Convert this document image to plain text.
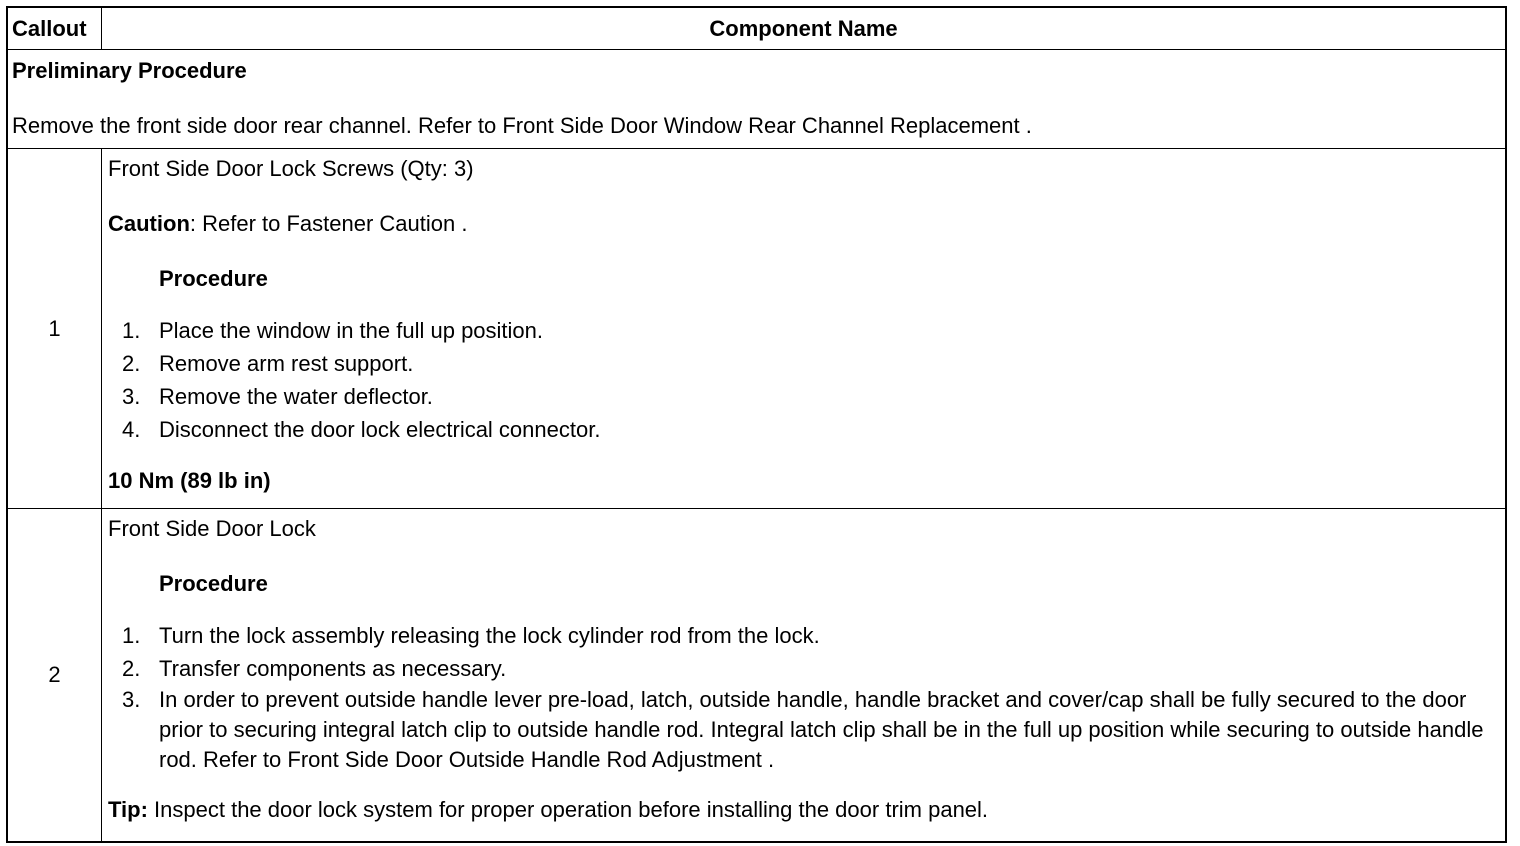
Callout	Component Name
Preliminary Procedure
Remove the front side door rear channel. Refer to Front Side Door Window Rear Channel Replacement .
1

Front Side Door Lock Screws (Qty: 3)

Caution: Refer to Fastener Caution .

Procedure

1. Place the window in the full up position.
2. Remove arm rest support.
3. Remove the water deflector.
4. Disconnect the door lock electrical connector.

10 Nm (89 lb in)

2

Front Side Door Lock

Procedure

1. Turn the lock assembly releasing the lock cylinder rod from the lock.
2. Transfer components as necessary.
3. In order to prevent outside handle lever pre-load, latch, outside handle, handle bracket and cover/cap shall be fully secured to the door prior to securing integral latch clip to outside handle rod. Integral latch clip shall be in the full up position while securing to outside handle rod. Refer to Front Side Door Outside Handle Rod Adjustment .

Tip: Inspect the door lock system for proper operation before installing the door trim panel.
